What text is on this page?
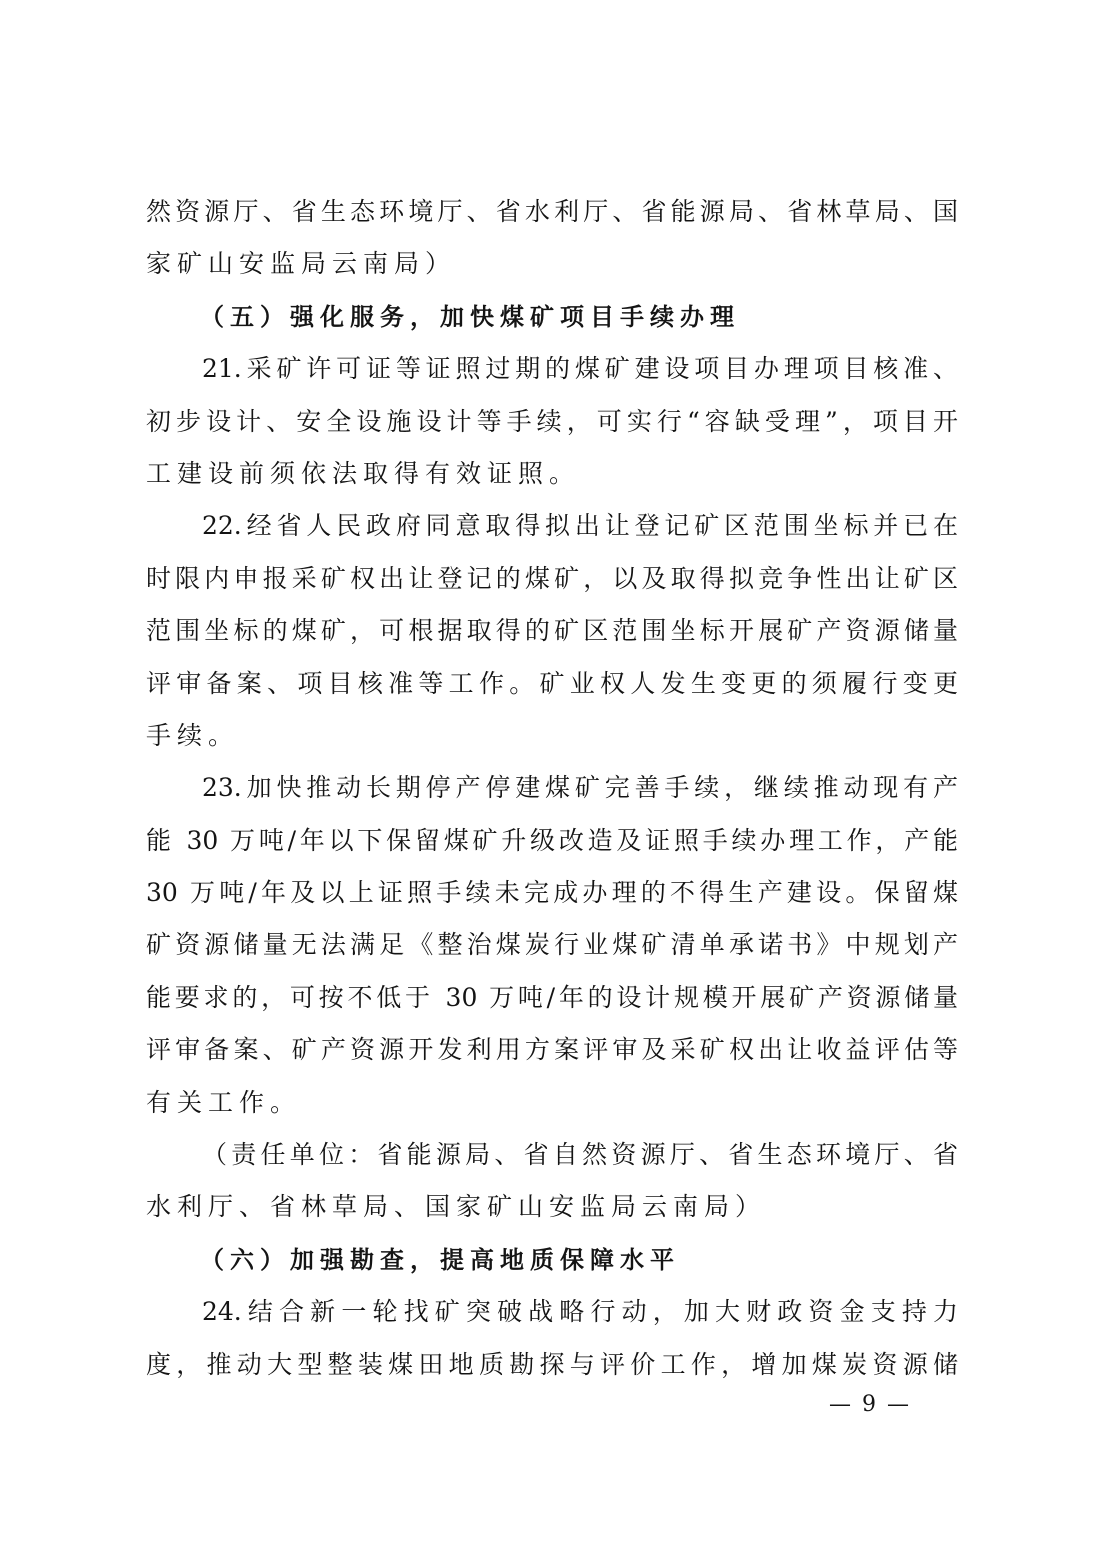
然资源厅、省生态环境厅、省水利厅、省能源局、省林草局、国
家矿山安监局云南局）
（五）强化服务，加快煤矿项目手续办理
21.采矿许可证等证照过期的煤矿建设项目办理项目核准、
初步设计、安全设施设计等手续，可实行“容缺受理”，项目开
工建设前须依法取得有效证照。
22.经省人民政府同意取得拟出让登记矿区范围坐标并已在
时限内申报采矿权出让登记的煤矿，以及取得拟竞争性出让矿区
范围坐标的煤矿，可根据取得的矿区范围坐标开展矿产资源储量
评审备案、项目核准等工作。矿业权人发生变更的须履行变更
手续。
23.加快推动长期停产停建煤矿完善手续，继续推动现有产
能 30 万吨/年以下保留煤矿升级改造及证照手续办理工作，产能
30 万吨/年及以上证照手续未完成办理的不得生产建设。保留煤
矿资源储量无法满足《整治煤炭行业煤矿清单承诺书》中规划产
能要求的，可按不低于 30 万吨/年的设计规模开展矿产资源储量
评审备案、矿产资源开发利用方案评审及采矿权出让收益评估等
有关工作。
（责任单位：省能源局、省自然资源厅、省生态环境厅、省
水利厅、省林草局、国家矿山安监局云南局）
（六）加强勘查，提高地质保障水平
24.结合新一轮找矿突破战略行动，加大财政资金支持力
度，推动大型整装煤田地质勘探与评价工作，增加煤炭资源储
— 9 —
